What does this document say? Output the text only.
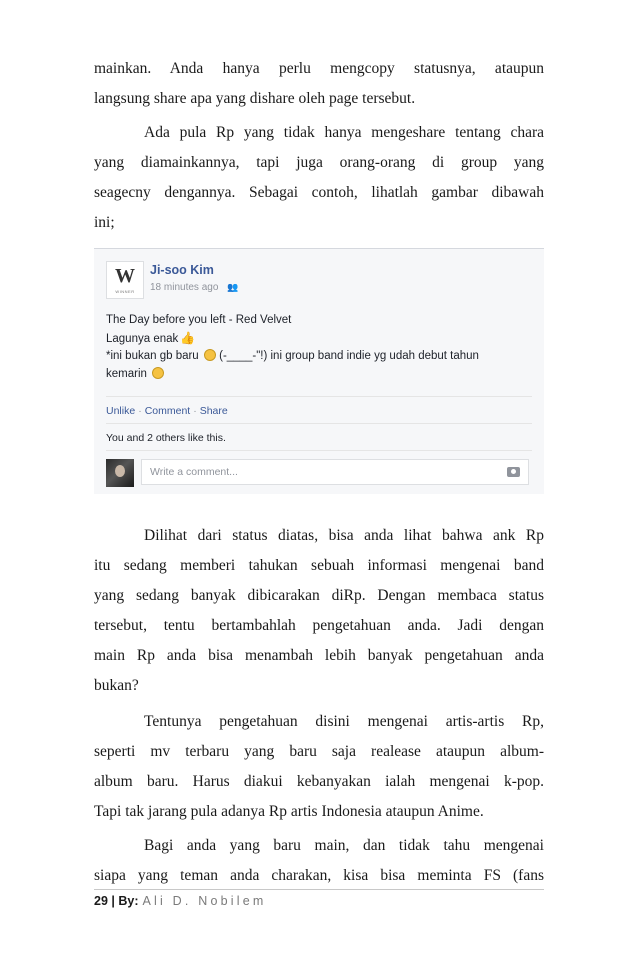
mainkan. Anda hanya perlu mengcopy statusnya, ataupun
langsung share apa yang dishare oleh page tersebut.

Ada pula Rp yang tidak hanya mengeshare tentang chara
yang diamainkannya, tapi juga orang-orang di group yang
seagecny dengannya. Sebagai contoh, lihatlah gambar dibawah
ini;

W
WINNER
Ji-soo Kim
18 minutes ago 👥
The Day before you left - Red Velvet
Lagunya enak 👍
*ini bukan gb baru (-____-"!) ini group band indie yg udah debut tahun
kemarin
Unlike · Comment · Share
You and 2 others like this.
Write a comment...

Dilihat dari status diatas, bisa anda lihat bahwa ank Rp
itu sedang memberi tahukan sebuah informasi mengenai band
yang sedang banyak dibicarakan diRp. Dengan membaca status
tersebut, tentu bertambahlah pengetahuan anda. Jadi dengan
main Rp anda bisa menambah lebih banyak pengetahuan anda
bukan?

Tentunya pengetahuan disini mengenai artis-artis Rp,
seperti mv terbaru yang baru saja realease ataupun album-
album baru. Harus diakui kebanyakan ialah mengenai k-pop.
Tapi tak jarang pula adanya Rp artis Indonesia ataupun Anime.

Bagi anda yang baru main, dan tidak tahu mengenai
siapa yang teman anda charakan, kisa bisa meminta FS (fans

29 | By: Ali D. Nobilem
